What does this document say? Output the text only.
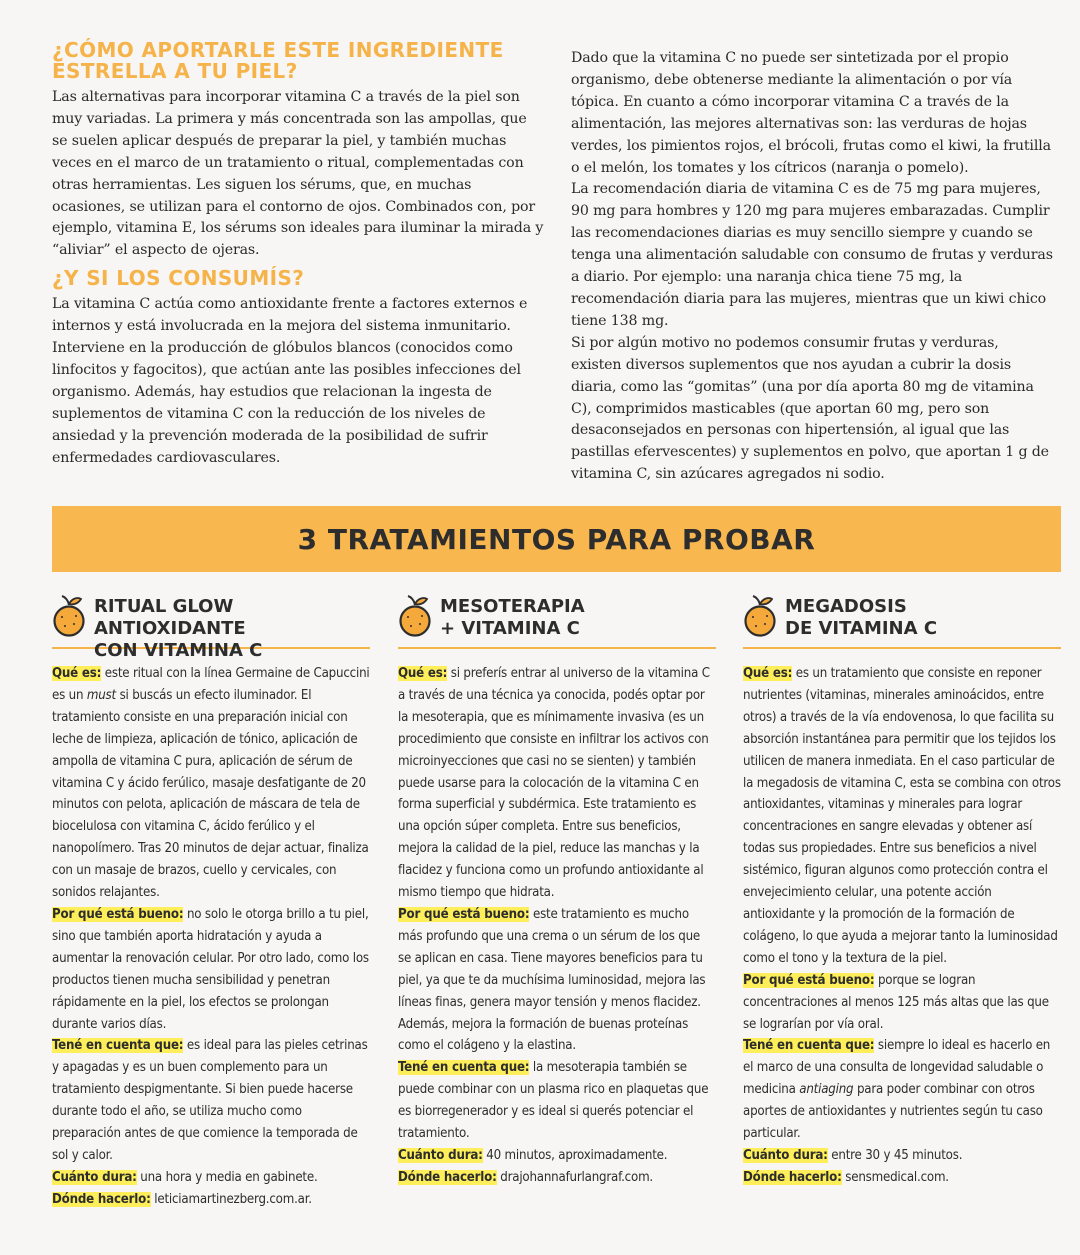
¿CÓMO APORTARLE ESTE INGREDIENTE ESTRELLA A TU PIEL?

Las alternativas para incorporar vitamina C a través de la piel son muy variadas. La primera y más concentrada son las ampollas, que se suelen aplicar después de preparar la piel, y también muchas veces en el marco de un tratamiento o ritual, complementadas con otras herramientas. Les siguen los sérums, que, en muchas ocasiones, se utilizan para el contorno de ojos. Combinados con, por ejemplo, vitamina E, los sérums son ideales para iluminar la mirada y “aliviar” el aspecto de ojeras.

¿Y SI LOS CONSUMÍS?

La vitamina C actúa como antioxidante frente a factores externos e internos y está involucrada en la mejora del sistema inmunitario. Interviene en la producción de glóbulos blancos (conocidos como linfocitos y fagocitos), que actúan ante las posibles infecciones del organismo. Además, hay estudios que relacionan la ingesta de suplementos de vitamina C con la reducción de los niveles de ansiedad y la prevención moderada de la posibilidad de sufrir enfermedades cardiovasculares.

Dado que la vitamina C no puede ser sintetizada por el propio organismo, debe obtenerse mediante la alimentación o por vía tópica. En cuanto a cómo incorporar vitamina C a través de la alimentación, las mejores alternativas son: las verduras de hojas verdes, los pimientos rojos, el brócoli, frutas como el kiwi, la frutilla o el melón, los tomates y los cítricos (naranja o pomelo).

La recomendación diaria de vitamina C es de 75 mg para mujeres, 90 mg para hombres y 120 mg para mujeres embarazadas. Cumplir las recomendaciones diarias es muy sencillo siempre y cuando se tenga una alimentación saludable con consumo de frutas y verduras a diario. Por ejemplo: una naranja chica tiene 75 mg, la recomendación diaria para las mujeres, mientras que un kiwi chico tiene 138 mg.

Si por algún motivo no podemos consumir frutas y verduras, existen diversos suplementos que nos ayudan a cubrir la dosis diaria, como las “gomitas” (una por día aporta 80 mg de vitamina C), comprimidos masticables (que aportan 60 mg, pero son desaconsejados en personas con hipertensión, al igual que las pastillas efervescentes) y suplementos en polvo, que aportan 1 g de vitamina C, sin azúcares agregados ni sodio.

3 TRATAMIENTOS PARA PROBAR
RITUAL GLOW ANTIOXIDANTE
CON VITAMINA C

Qué es: este ritual con la línea Germaine de Capuccini es un must si buscás un efecto iluminador. El tratamiento consiste en una preparación inicial con leche de limpieza, aplicación de tónico, aplicación de ampolla de vitamina C pura, aplicación de sérum de vitamina C y ácido ferúlico, masaje desfatigante de 20 minutos con pelota, aplicación de máscara de tela de biocelulosa con vitamina C, ácido ferúlico y el nanopolímero. Tras 20 minutos de dejar actuar, finaliza con un masaje de brazos, cuello y cervicales, con sonidos relajantes.

Por qué está bueno: no solo le otorga brillo a tu piel, sino que también aporta hidratación y ayuda a aumentar la renovación celular. Por otro lado, como los productos tienen mucha sensibilidad y penetran rápidamente en la piel, los efectos se prolongan durante varios días.

Tené en cuenta que: es ideal para las pieles cetrinas y apagadas y es un buen complemento para un tratamiento despigmentante. Si bien puede hacerse durante todo el año, se utiliza mucho como preparación antes de que comience la temporada de sol y calor.

Cuánto dura: una hora y media en gabinete.

Dónde hacerlo: leticiamartinezberg.com.ar.

MESOTERAPIA
+ VITAMINA C

Qué es: si preferís entrar al universo de la vitamina C a través de una técnica ya conocida, podés optar por la mesoterapia, que es mínimamente invasiva (es un procedimiento que consiste en infiltrar los activos con microinyecciones que casi no se sienten) y también puede usarse para la colocación de la vitamina C en forma superficial y subdérmica. Este tratamiento es una opción súper completa. Entre sus beneficios, mejora la calidad de la piel, reduce las manchas y la flacidez y funciona como un profundo antioxidante al mismo tiempo que hidrata.

Por qué está bueno: este tratamiento es mucho más profundo que una crema o un sérum de los que se aplican en casa. Tiene mayores beneficios para tu piel, ya que te da muchísima luminosidad, mejora las líneas finas, genera mayor tensión y menos flacidez. Además, mejora la formación de buenas proteínas como el colágeno y la elastina.

Tené en cuenta que: la mesoterapia también se puede combinar con un plasma rico en plaquetas que es biorregenerador y es ideal si querés potenciar el tratamiento.

Cuánto dura: 40 minutos, aproximadamente.

Dónde hacerlo: drajohannafurlangraf.com.

MEGADOSIS
DE VITAMINA C

Qué es: es un tratamiento que consiste en reponer nutrientes (vitaminas, minerales aminoácidos, entre otros) a través de la vía endovenosa, lo que facilita su absorción instantánea para permitir que los tejidos los utilicen de manera inmediata. En el caso particular de la megadosis de vitamina C, esta se combina con otros antioxidantes, vitaminas y minerales para lograr concentraciones en sangre elevadas y obtener así todas sus propiedades. Entre sus beneficios a nivel sistémico, figuran algunos como protección contra el envejecimiento celular, una potente acción antioxidante y la promoción de la formación de colágeno, lo que ayuda a mejorar tanto la luminosidad como el tono y la textura de la piel.

Por qué está bueno: porque se logran concentraciones al menos 125 más altas que las que se lograrían por vía oral.

Tené en cuenta que: siempre lo ideal es hacerlo en el marco de una consulta de longevidad saludable o medicina antiaging para poder combinar con otros aportes de antioxidantes y nutrientes según tu caso particular.

Cuánto dura: entre 30 y 45 minutos.

Dónde hacerlo: sensmedical.com.
